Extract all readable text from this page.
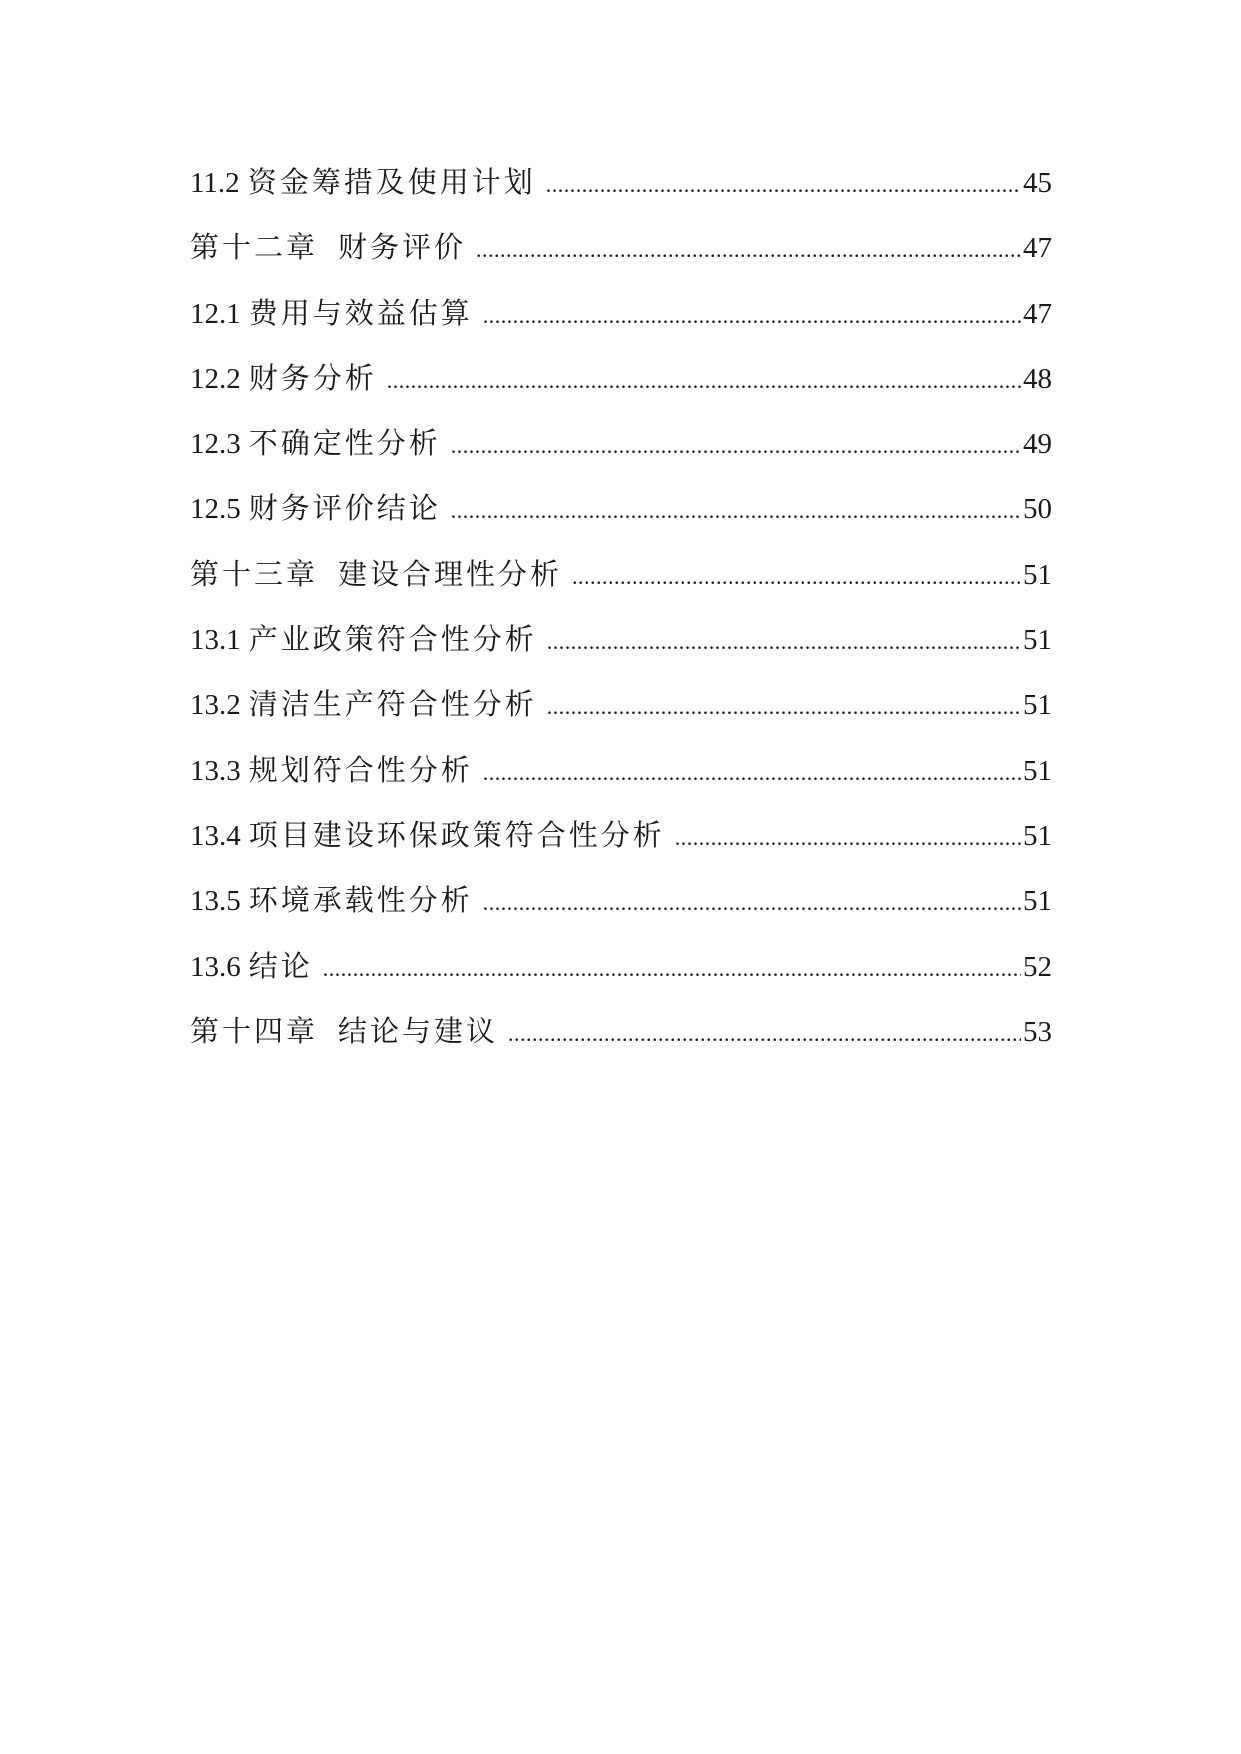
11.2 资金筹措及使用计划 .....	45
第十二章 财务评价 .....	47
12.1 费用与效益估算 .....	47
12.2 财务分析 .....	48
12.3 不确定性分析 .....	49
12.5 财务评价结论 .....	50
第十三章 建设合理性分析 .....	51
13.1 产业政策符合性分析 .....	51
13.2 清洁生产符合性分析 .....	51
13.3 规划符合性分析 .....	51
13.4 项目建设环保政策符合性分析 .....	51
13.5 环境承载性分析 .....	51
13.6 结论 .....	52
第十四章 结论与建议 .....	53
